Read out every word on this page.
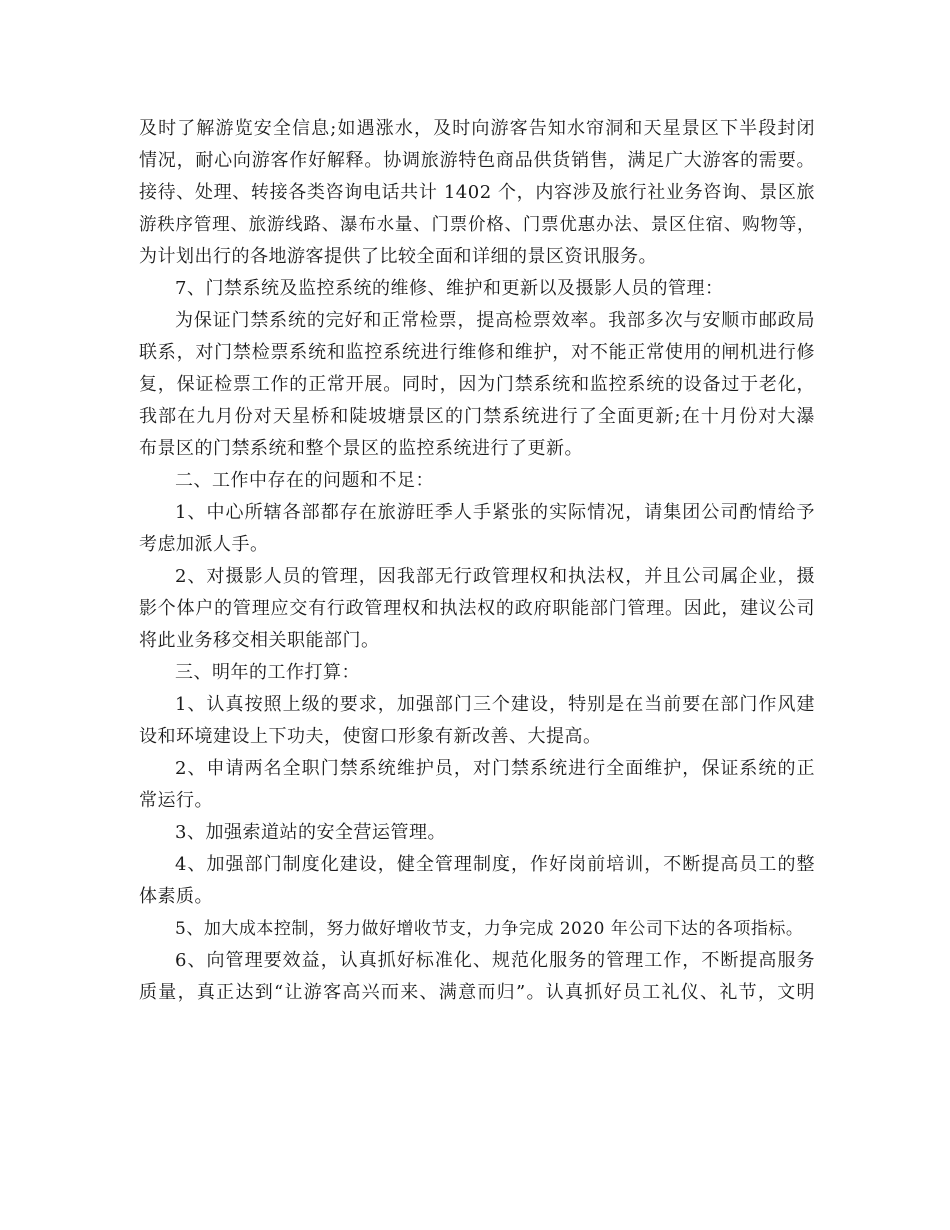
及时了解游览安全信息;如遇涨水，及时向游客告知水帘洞和天星景区下半段封闭
情况，耐心向游客作好解释。协调旅游特色商品供货销售，满足广大游客的需要。
接待、处理、转接各类咨询电话共计 1402 个，内容涉及旅行社业务咨询、景区旅
游秩序管理、旅游线路、瀑布水量、门票价格、门票优惠办法、景区住宿、购物等，
为计划出行的各地游客提供了比较全面和详细的景区资讯服务。
7、门禁系统及监控系统的维修、维护和更新以及摄影人员的管理：
为保证门禁系统的完好和正常检票，提高检票效率。我部多次与安顺市邮政局
联系，对门禁检票系统和监控系统进行维修和维护，对不能正常使用的闸机进行修
复，保证检票工作的正常开展。同时，因为门禁系统和监控系统的设备过于老化，
我部在九月份对天星桥和陡坡塘景区的门禁系统进行了全面更新;在十月份对大瀑
布景区的门禁系统和整个景区的监控系统进行了更新。
二、工作中存在的问题和不足：
1、中心所辖各部都存在旅游旺季人手紧张的实际情况，请集团公司酌情给予
考虑加派人手。
2、对摄影人员的管理，因我部无行政管理权和执法权，并且公司属企业，摄
影个体户的管理应交有行政管理权和执法权的政府职能部门管理。因此，建议公司
将此业务移交相关职能部门。
三、明年的工作打算：
1、认真按照上级的要求，加强部门三个建设，特别是在当前要在部门作风建
设和环境建设上下功夫，使窗口形象有新改善、大提高。
2、申请两名全职门禁系统维护员，对门禁系统进行全面维护，保证系统的正
常运行。
3、加强索道站的安全营运管理。
4、加强部门制度化建设，健全管理制度，作好岗前培训，不断提高员工的整
体素质。
5、加大成本控制，努力做好增收节支，力争完成 2020 年公司下达的各项指标。
6、向管理要效益，认真抓好标准化、规范化服务的管理工作，不断提高服务
质量，真正达到“让游客高兴而来、满意而归”。认真抓好员工礼仪、礼节，文明
